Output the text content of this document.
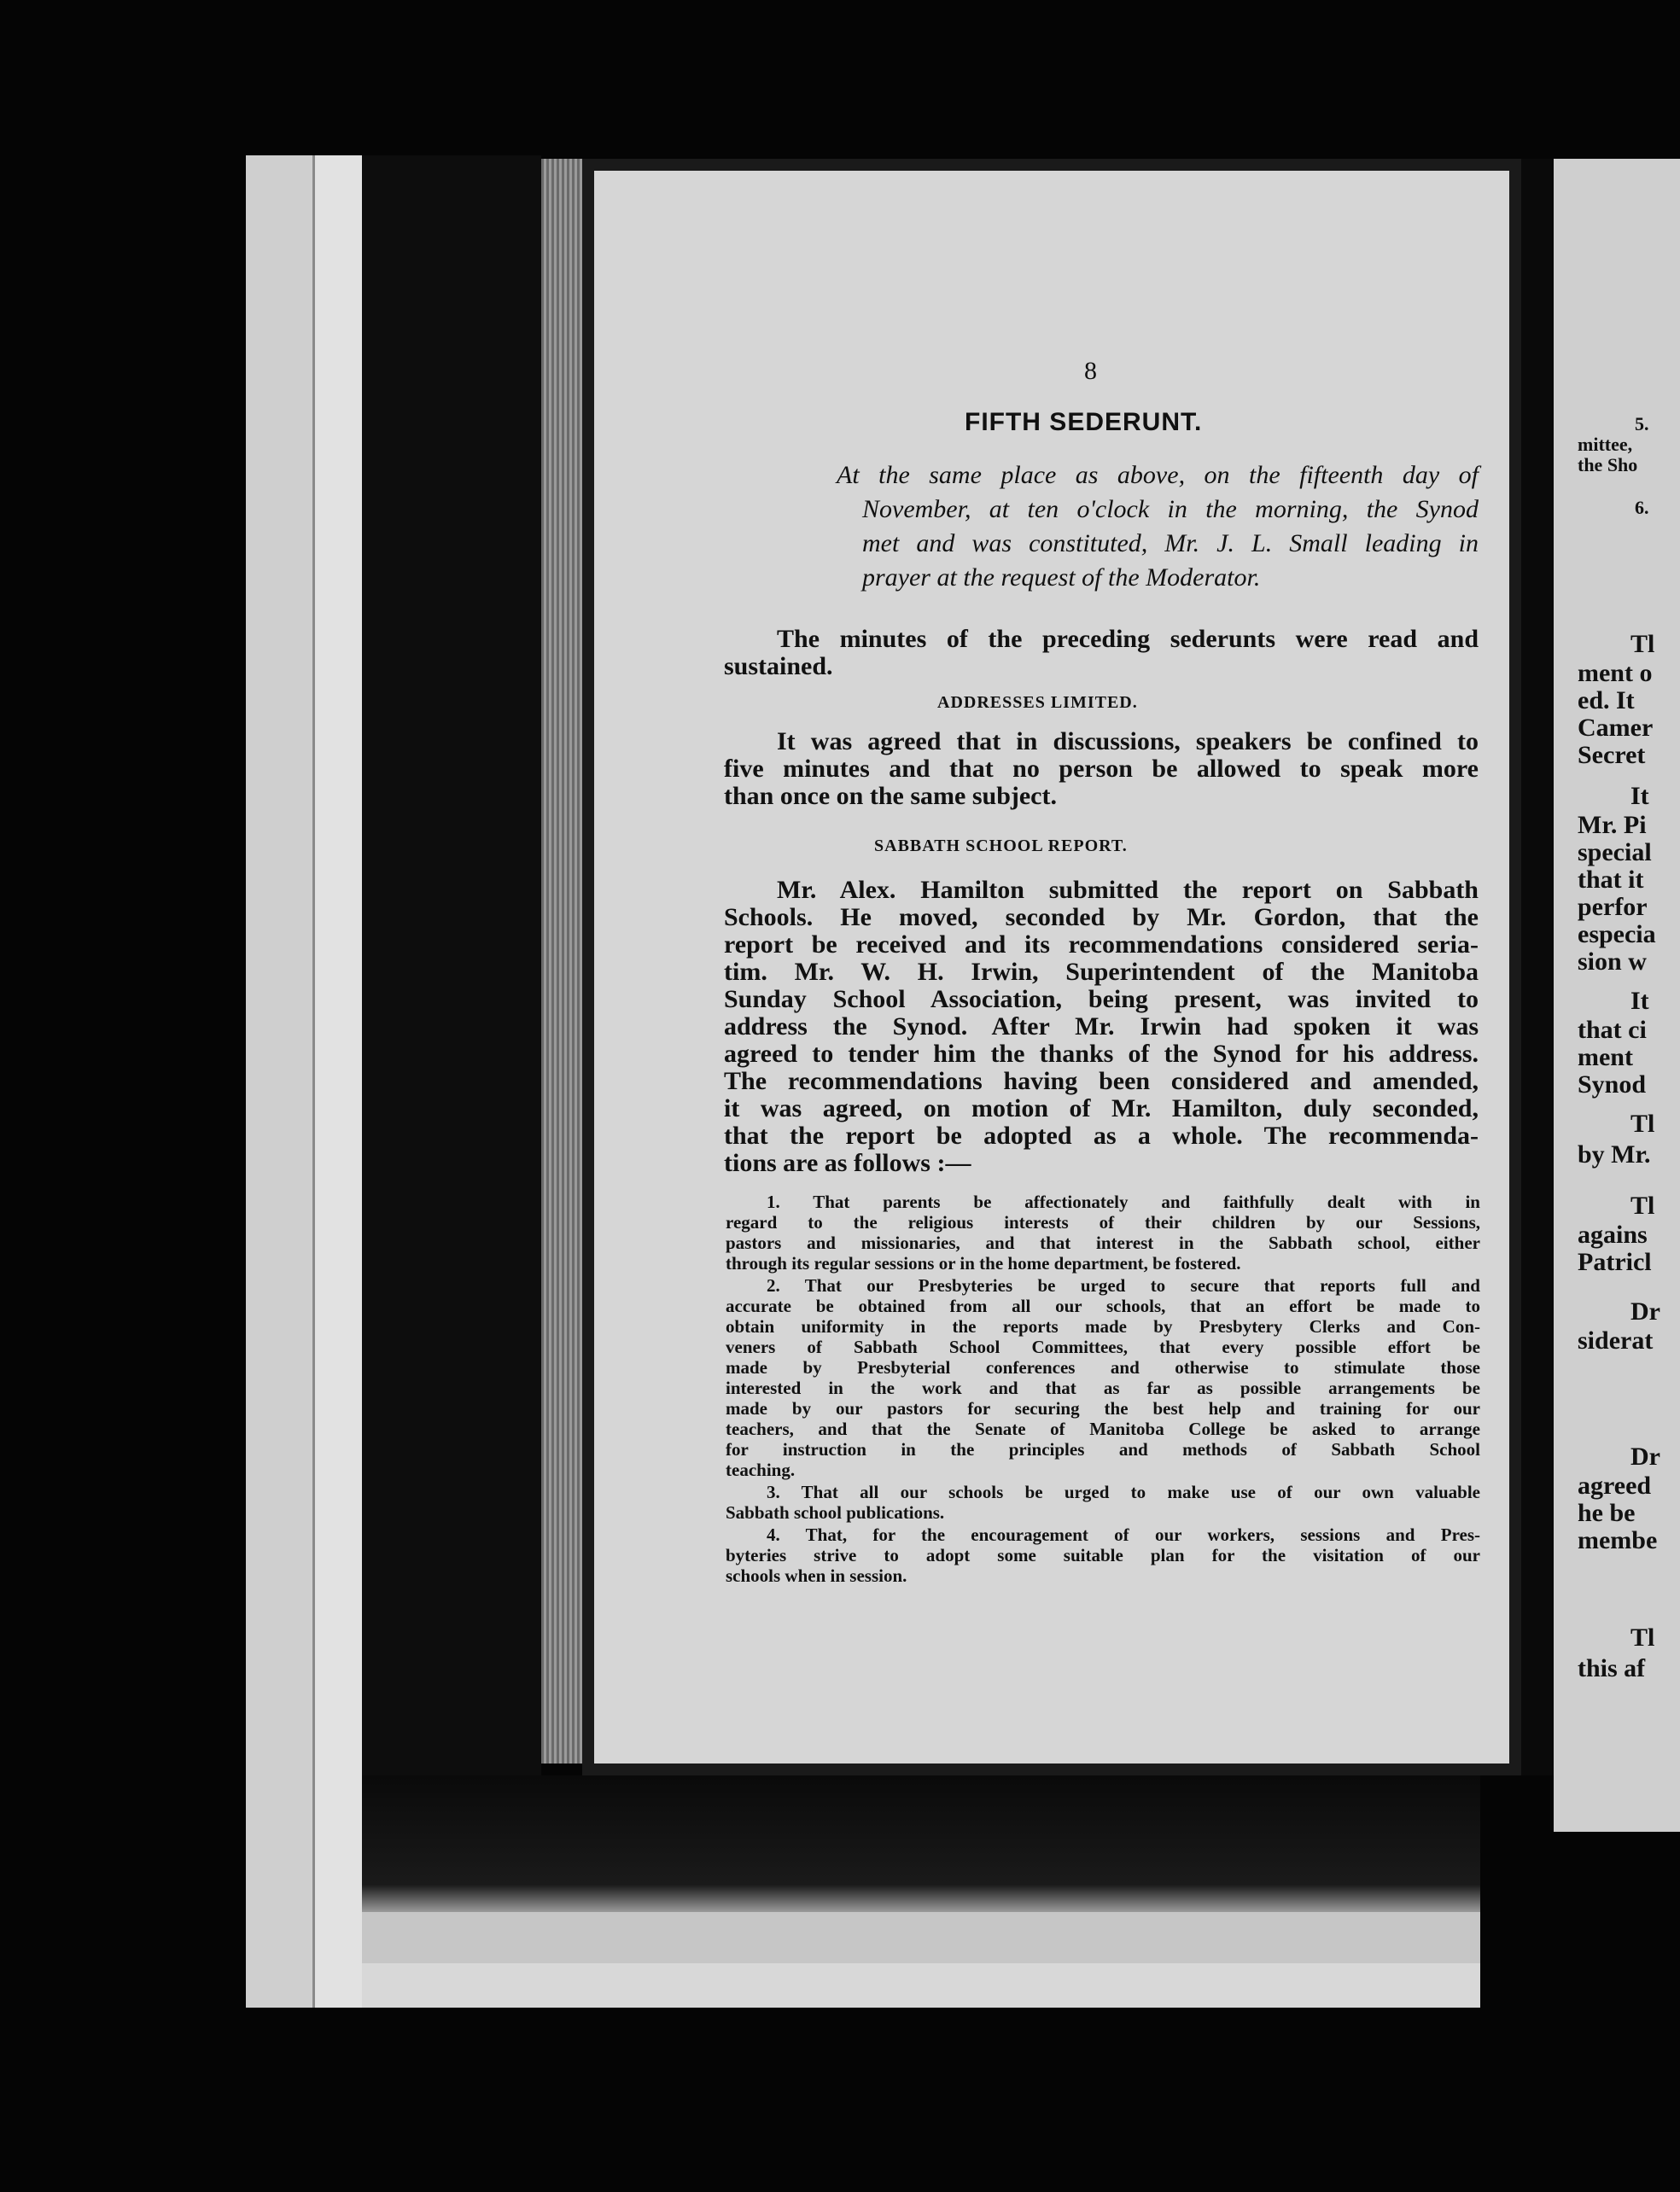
8
FIFTH SEDERUNT.
At the same place as above, on the fifteenth day of
November, at ten o'clock in the morning, the Synod
met and was constituted, Mr. J. L. Small leading in
prayer at the request of the Moderator.
The minutes of the preceding sederunts were read and
sustained.
ADDRESSES LIMITED.
It was agreed that in discussions, speakers be confined to
five minutes and that no person be allowed to speak more
than once on the same subject.
SABBATH SCHOOL REPORT.
Mr. Alex. Hamilton submitted the report on Sabbath
Schools. He moved, seconded by Mr. Gordon, that the
report be received and its recommendations considered seria-
tim. Mr. W. H. Irwin, Superintendent of the Manitoba
Sunday School Association, being present, was invited to
address the Synod. After Mr. Irwin had spoken it was
agreed to tender him the thanks of the Synod for his address.
The recommendations having been considered and amended,
it was agreed, on motion of Mr. Hamilton, duly seconded,
that the report be adopted as a whole. The recommenda-
tions are as follows :—
1. That parents be affectionately and faithfully dealt with in
regard to the religious interests of their children by our Sessions,
pastors and missionaries, and that interest in the Sabbath school, either
through its regular sessions or in the home department, be fostered.
2. That our Presbyteries be urged to secure that reports full and
accurate be obtained from all our schools, that an effort be made to
obtain uniformity in the reports made by Presbytery Clerks and Con-
veners of Sabbath School Committees, that every possible effort be
made by Presbyterial conferences and otherwise to stimulate those
interested in the work and that as far as possible arrangements be
made by our pastors for securing the best help and training for our
teachers, and that the Senate of Manitoba College be asked to arrange
for instruction in the principles and methods of Sabbath School
teaching.
3. That all our schools be urged to make use of our own valuable
Sabbath school publications.
4. That, for the encouragement of our workers, sessions and Pres-
byteries strive to adopt some suitable plan for the visitation of our
schools when in session.
5.
mittee,
the Sho
6.
Tl
ment o
ed. It
Camer
Secret
It
Mr. Pi
special
that it
perfor
especia
sion w
It
that ci
ment
Synod
Tl
by Mr.
Tl
agains
Patricl
Dr
siderat
Dr
agreed
he be
membe
Tl
this af
